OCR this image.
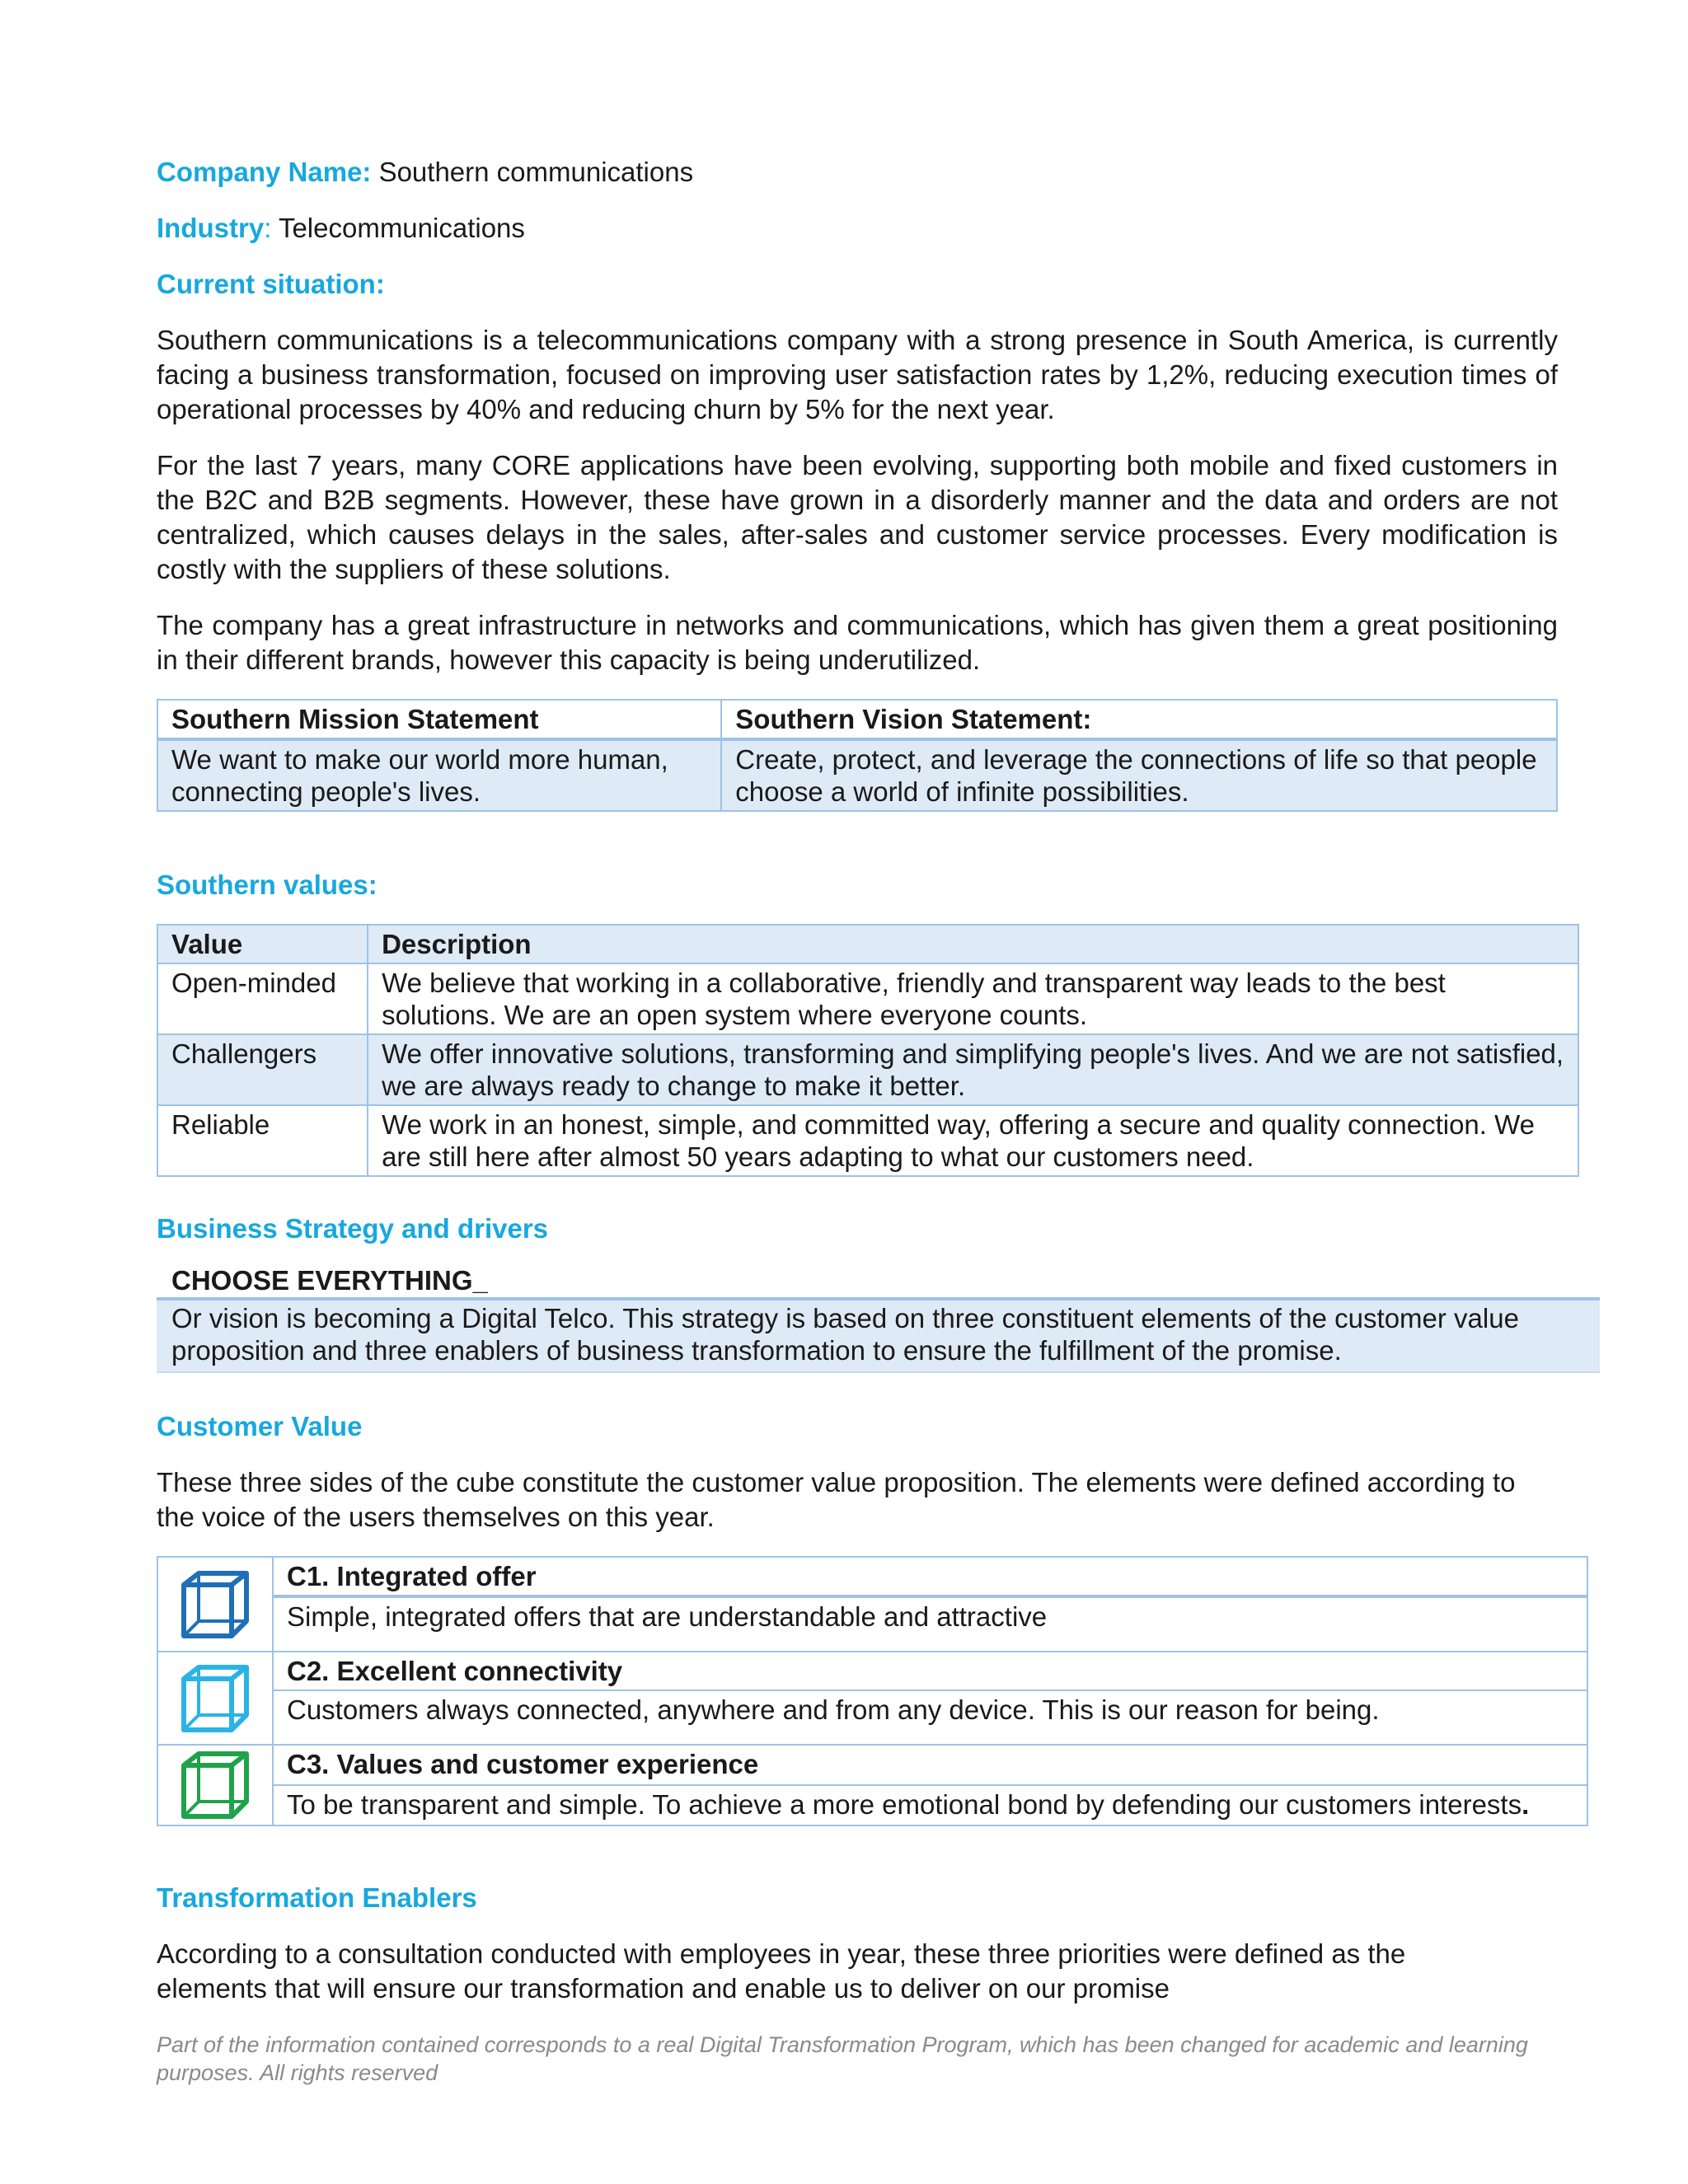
Company Name: Southern communications

Industry: Telecommunications

Current situation:

Southern communications is a telecommunications company with a strong presence in South America, is currently facing a business transformation, focused on improving user satisfaction rates by 1,2%, reducing execution times of operational processes by 40% and reducing churn by 5% for the next year.

For the last 7 years, many CORE applications have been evolving, supporting both mobile and fixed customers in the B2C and B2B segments. However, these have grown in a disorderly manner and the data and orders are not centralized, which causes delays in the sales, after-sales and customer service processes. Every modification is costly with the suppliers of these solutions.

The company has a great infrastructure in networks and communications, which has given them a great positioning in their different brands, however this capacity is being underutilized.

Southern Mission Statement	Southern Vision Statement:
We want to make our world more human, connecting people's lives.	Create, protect, and leverage the connections of life so that people choose a world of infinite possibilities.

Southern values:

Value	Description
Open-minded	We believe that working in a collaborative, friendly and transparent way leads to the best solutions. We are an open system where everyone counts.
Challengers	We offer innovative solutions, transforming and simplifying people's lives. And we are not satisfied, we are always ready to change to make it better.
Reliable	We work in an honest, simple, and committed way, offering a secure and quality connection. We are still here after almost 50 years adapting to what our customers need.

Business Strategy and drivers

CHOOSE EVERYTHING_
Or vision is becoming a Digital Telco. This strategy is based on three constituent elements of the customer value proposition and three enablers of business transformation to ensure the fulfillment of the promise.

Customer Value

These three sides of the cube constitute the customer value proposition. The elements were defined according to the voice of the users themselves on this year.

	C1. Integrated offer
	Simple, integrated offers that are understandable and attractive

	C2. Excellent connectivity
	Customers always connected, anywhere and from any device. This is our reason for being.

	C3. Values and customer experience
	To be transparent and simple. To achieve a more emotional bond by defending our customers interests.

Transformation Enablers

According to a consultation conducted with employees in year, these three priorities were defined as the elements that will ensure our transformation and enable us to deliver on our promise

Part of the information contained corresponds to a real Digital Transformation Program, which has been changed for academic and learning purposes. All rights reserved
